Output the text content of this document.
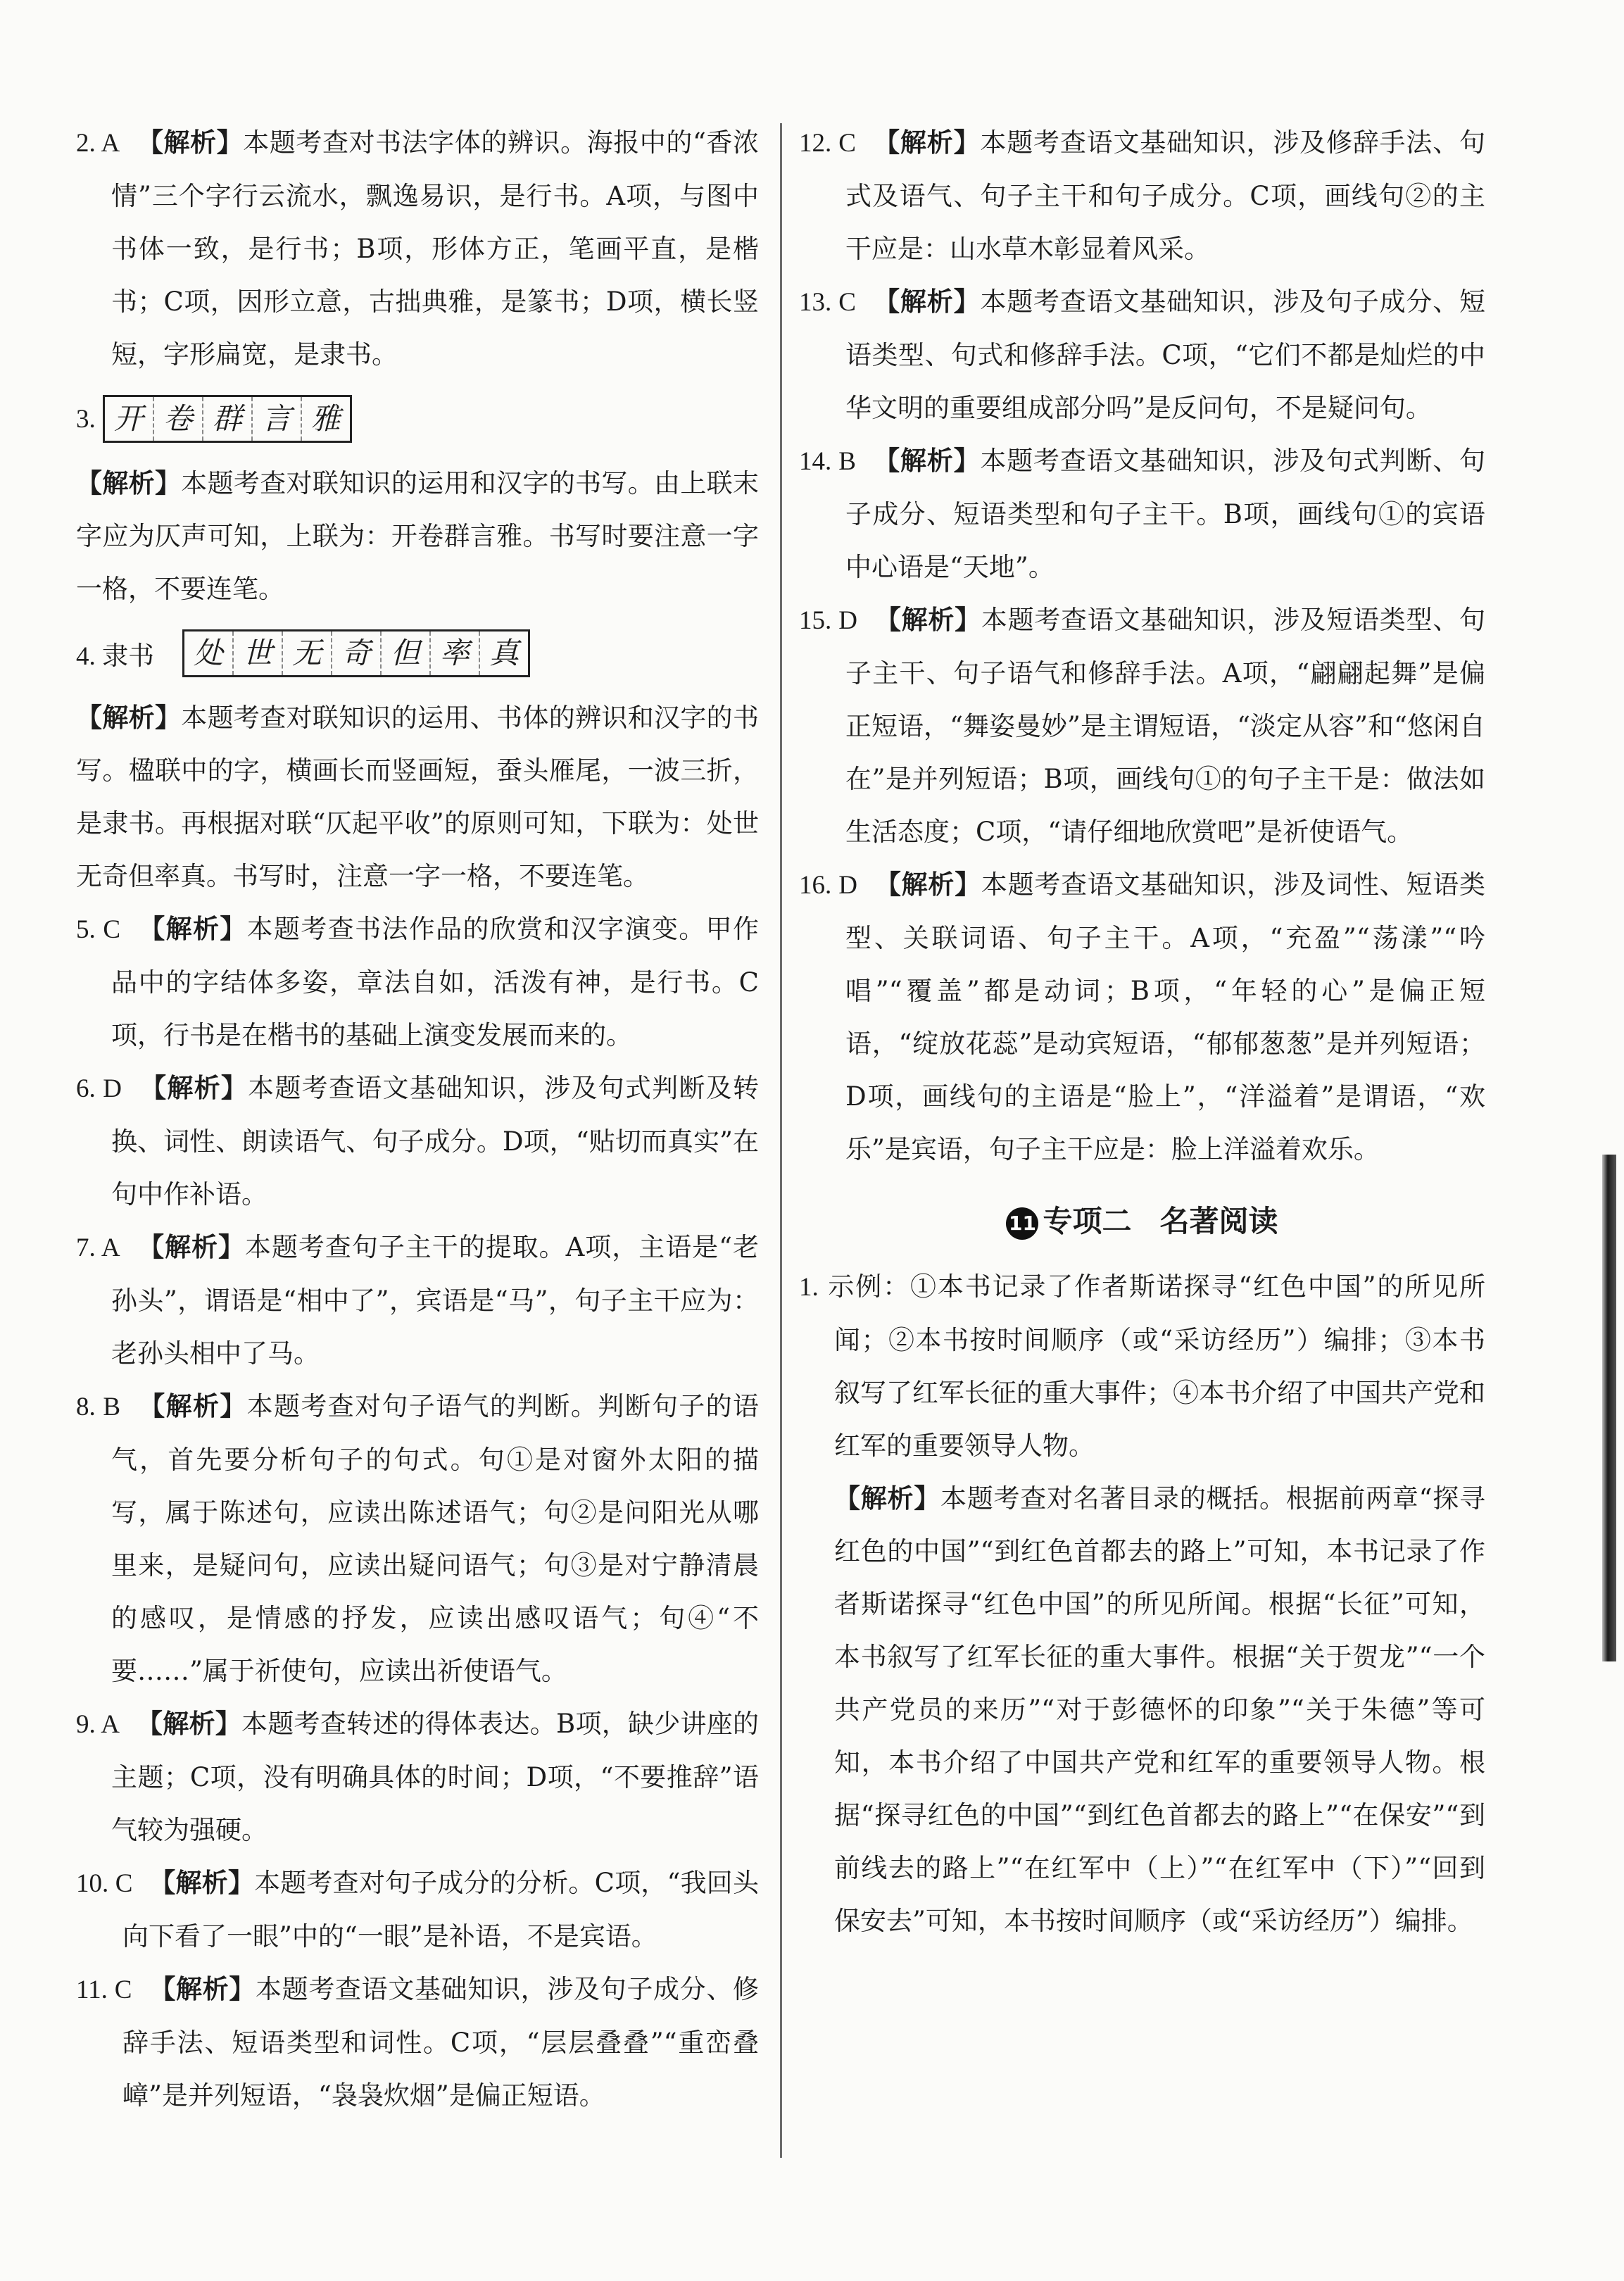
2. A 【解析】本题考查对书法字体的辨识。海报中的“香浓情”三个字行云流水，飘逸易识，是行书。A项，与图中书体一致，是行书；B项，形体方正，笔画平直，是楷书；C项，因形立意，古拙典雅，是篆书；D项，横长竖短，字形扁宽，是隶书。
3. 开 卷 群 言 雅
【解析】本题考查对联知识的运用和汉字的书写。由上联末字应为仄声可知，上联为：开卷群言雅。书写时要注意一字一格，不要连笔。
4. 隶书	处 世 无 奇 但 率 真
【解析】本题考查对联知识的运用、书体的辨识和汉字的书写。楹联中的字，横画长而竖画短，蚕头雁尾，一波三折，是隶书。再根据对联“仄起平收”的原则可知，下联为：处世无奇但率真。书写时，注意一字一格，不要连笔。
5. C 【解析】本题考查书法作品的欣赏和汉字演变。甲作品中的字结体多姿，章法自如，活泼有神，是行书。C项，行书是在楷书的基础上演变发展而来的。
6. D 【解析】本题考查语文基础知识，涉及句式判断及转换、词性、朗读语气、句子成分。D项，“贴切而真实”在句中作补语。
7. A 【解析】本题考查句子主干的提取。A项，主语是“老孙头”，谓语是“相中了”，宾语是“马”，句子主干应为：老孙头相中了马。
8. B 【解析】本题考查对句子语气的判断。判断句子的语气，首先要分析句子的句式。句①是对窗外太阳的描写，属于陈述句，应读出陈述语气；句②是问阳光从哪里来，是疑问句，应读出疑问语气；句③是对宁静清晨的感叹，是情感的抒发，应读出感叹语气；句④“不要……”属于祈使句，应读出祈使语气。
9. A 【解析】本题考查转述的得体表达。B项，缺少讲座的主题；C项，没有明确具体的时间；D项，“不要推辞”语气较为强硬。
10. C 【解析】本题考查对句子成分的分析。C项，“我回头向下看了一眼”中的“一眼”是补语，不是宾语。
11. C 【解析】本题考查语文基础知识，涉及句子成分、修辞手法、短语类型和词性。C项，“层层叠叠”“重峦叠嶂”是并列短语，“袅袅炊烟”是偏正短语。
12. C 【解析】本题考查语文基础知识，涉及修辞手法、句式及语气、句子主干和句子成分。C项，画线句②的主干应是：山水草木彰显着风采。
13. C 【解析】本题考查语文基础知识，涉及句子成分、短语类型、句式和修辞手法。C项，“它们不都是灿烂的中华文明的重要组成部分吗”是反问句，不是疑问句。
14. B 【解析】本题考查语文基础知识，涉及句式判断、句子成分、短语类型和句子主干。B项，画线句①的宾语中心语是“天地”。
15. D 【解析】本题考查语文基础知识，涉及短语类型、句子主干、句子语气和修辞手法。A项，“翩翩起舞”是偏正短语，“舞姿曼妙”是主谓短语，“淡定从容”和“悠闲自在”是并列短语；B项，画线句①的句子主干是：做法如生活态度；C项，“请仔细地欣赏吧”是祈使语气。
16. D 【解析】本题考查语文基础知识，涉及词性、短语类型、关联词语、句子主干。A项，“充盈”“荡漾”“吟唱”“覆盖”都是动词；B项，“年轻的心”是偏正短语，“绽放花蕊”是动宾短语，“郁郁葱葱”是并列短语；D项，画线句的主语是“脸上”，“洋溢着”是谓语，“欢乐”是宾语，句子主干应是：脸上洋溢着欢乐。
11 专项二 名著阅读
1. 示例：①本书记录了作者斯诺探寻“红色中国”的所见所闻；②本书按时间顺序（或“采访经历”）编排；③本书叙写了红军长征的重大事件；④本书介绍了中国共产党和红军的重要领导人物。
【解析】本题考查对名著目录的概括。根据前两章“探寻红色的中国”“到红色首都去的路上”可知，本书记录了作者斯诺探寻“红色中国”的所见所闻。根据“长征”可知，本书叙写了红军长征的重大事件。根据“关于贺龙”“一个共产党员的来历”“对于彭德怀的印象”“关于朱德”等可知，本书介绍了中国共产党和红军的重要领导人物。根据“探寻红色的中国”“到红色首都去的路上”“在保安”“到前线去的路上”“在红军中（上）”“在红军中（下）”“回到保安去”可知，本书按时间顺序（或“采访经历”）编排。
